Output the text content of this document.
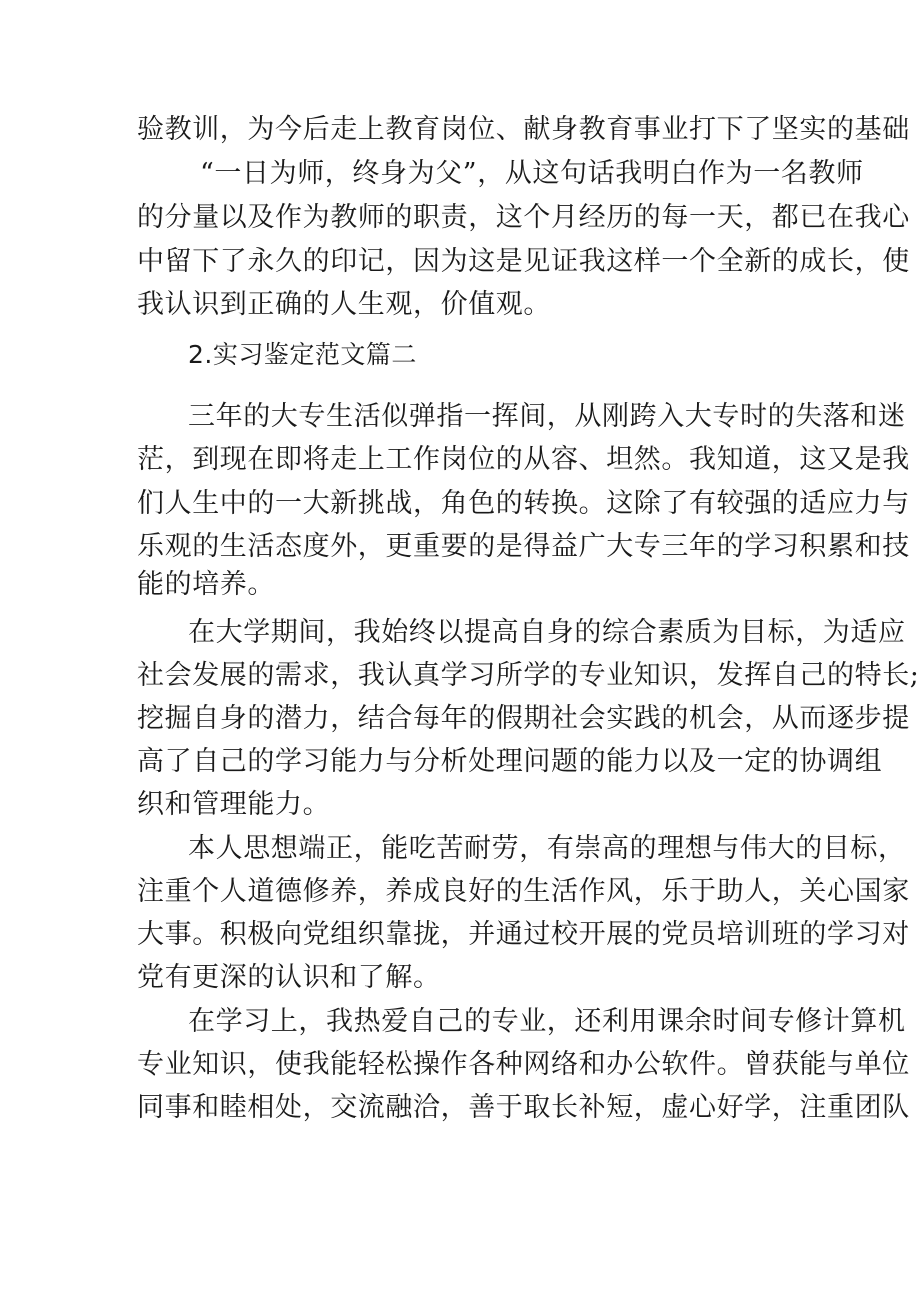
验教训，为今后走上教育岗位、献身教育事业打下了坚实的基础
“一日为师，终身为父”，从这句话我明白作为一名教师
的分量以及作为教师的职责，这个月经历的每一天，都已在我心
中留下了永久的印记，因为这是见证我这样一个全新的成长，使
我认识到正确的人生观，价值观。
2.实习鉴定范文篇二
三年的大专生活似弹指一挥间，从刚跨入大专时的失落和迷
茫，到现在即将走上工作岗位的从容、坦然。我知道，这又是我
们人生中的一大新挑战，角色的转换。这除了有较强的适应力与
乐观的生活态度外，更重要的是得益广大专三年的学习积累和技
能的培养。
在大学期间，我始终以提高自身的综合素质为目标，为适应
社会发展的需求，我认真学习所学的专业知识，发挥自己的特长;
挖掘自身的潜力，结合每年的假期社会实践的机会，从而逐步提
高了自己的学习能力与分析处理问题的能力以及一定的协调组
织和管理能力。
本人思想端正，能吃苦耐劳，有崇高的理想与伟大的目标，
注重个人道德修养，养成良好的生活作风，乐于助人，关心国家
大事。积极向党组织靠拢，并通过校开展的党员培训班的学习对
党有更深的认识和了解。
在学习上，我热爱自己的专业，还利用课余时间专修计算机
专业知识，使我能轻松操作各种网络和办公软件。曾获能与单位
同事和睦相处，交流融洽，善于取长补短，虚心好学，注重团队
